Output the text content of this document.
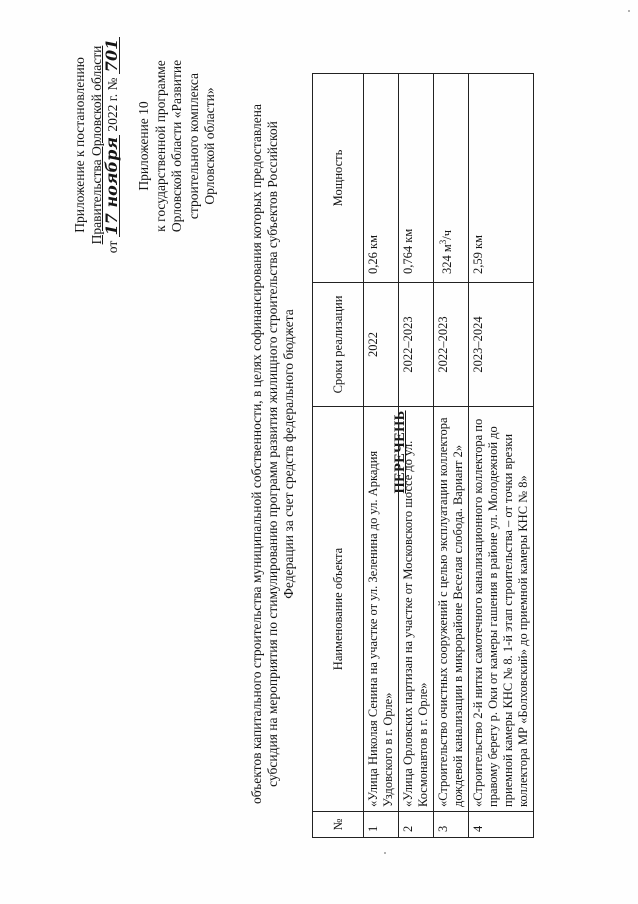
Приложение к постановлению Правительства Орловской области
от 17 ноября 2022 г. № 701
Приложение 10 к государственной программе Орловской области «Развитие строительного комплекса Орловской области»
ПЕРЕЧЕНЬ
объектов капитального строительства муниципальной собственности, в целях софинансирования которых предоставлена субсидия на мероприятия по стимулированию программ развития жилищного строительства субъектов Российской Федерации за счет средств федерального бюджета
№	Наименование объекта	Сроки реализации	Мощность
1	«Улица Николая Сенина на участке от ул. Зеленина до ул. Аркадия Уздовского в г. Орле»	2022	0,26 км
2	«Улица Орловских партизан на участке от Московского шоссе до ул. Космонавтов в г. Орле»	2022–2023	0,764 км
3	«Строительство очистных сооружений с целью эксплуатации коллектора дождевой канализации в микрорайоне Веселая слобода. Вариант 2»	2022–2023	324 $м^3/ч$
4	«Строительство 2-й нитки самотечного канализационного коллектора по правому берегу р. Оки от камеры гашения в районе ул. Молодежной до приемной камеры КНС № 8. 1-й этап строительства – от точки врезки коллектора МР «Болховский» до приемной камеры КНС № 8»	2023–2024	2,59 км
